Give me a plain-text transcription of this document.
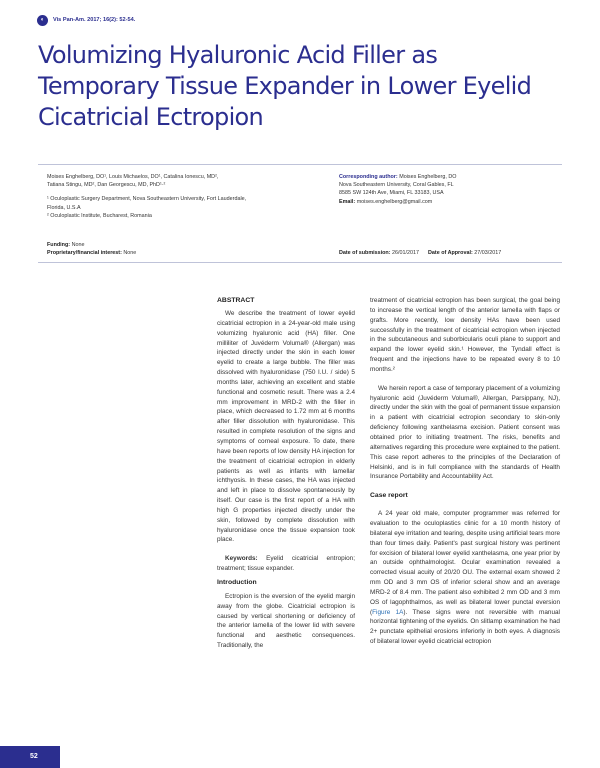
◐	Vis Pan-Am. 2017; 16(2): 52-54.
Volumizing Hyaluronic Acid Filler as Temporary Tissue Expander in Lower Eyelid Cicatricial Ectropion
Moises Enghelberg, DO¹, Louis Michaelos, DO¹, Catalina Ionescu, MD²,
Tatiana Stingu, MD², Dan Georgescu, MD, PhD¹·²
¹ Oculoplastic Surgery Department, Nova Southeastern University, Fort Lauderdale,
Florida, U.S.A
² Oculoplastic Institute, Bucharest, Romania
Corresponding author: Moises Enghelberg, DO
Nova Southeastern University, Coral Gables, FL
8585 SW 124th Ave, Miami, FL 33183, USA
Email: moises.enghelberg@gmail.com
Funding: None
Proprietary/financial interest: None	Date of submission: 26/01/2017 Date of Approval: 27/03/2017
ABSTRACT

We describe the treatment of lower eyelid cicatricial ectropion in a 24-year-old male using volumizing hyaluronic acid (HA) filler. One milliliter of Juvéderm Voluma® (Allergan) was injected directly under the skin in each lower eyelid to create a large bubble. The filler was dissolved with hyaluronidase (750 I.U. / side) 5 months later, achieving an excellent and stable functional and cosmetic result. There was a 2.4 mm improvement in MRD-2 with the filler in place, which decreased to 1.72 mm at 6 months after filler dissolution with hyaluronidase. This resulted in complete resolution of the signs and symptoms of corneal exposure. To date, there have been reports of low density HA injection for the treatment of cicatricial ectropion in elderly patients as well as infants with lamellar ichthyosis. In these cases, the HA was injected and left in place to dissolve spontaneously by itself. Our case is the first report of a HA with high G properties injected directly under the skin, followed by complete dissolution with hyaluronidase once the tissue expansion took place.

Keywords: Eyelid cicatricial entropion; treatment; tissue expander.

Introduction

Ectropion is the eversion of the eyelid margin away from the globe. Cicatricial ectropion is caused by vertical shortening or deficiency of the anterior lamella of the lower lid with severe functional and aesthetic consequences. Traditionally, the

treatment of cicatricial ectropion has been surgical, the goal being to increase the vertical length of the anterior lamella with flaps or grafts. More recently, low density HAs have been used successfully in the treatment of cicatricial ectropion when injected in the subcutaneous and suborbicularis oculi plane to support and expand the lower eyelid skin.¹ However, the Tyndall effect is frequent and the injections have to be repeated every 8 to 10 months.²

We herein report a case of temporary placement of a volumizing hyaluronic acid (Juvéderm Voluma®, Allergan, Parsippany, NJ), directly under the skin with the goal of permanent tissue expansion in a patient with cicatricial ectropion secondary to skin-only deficiency following xanthelasma excision. Patient consent was obtained prior to initiating treatment. The risks, benefits and alternatives regarding this procedure were explained to the patient. This case report adheres to the principles of the Declaration of Helsinki, and is in full compliance with the standards of Health Insurance Portability and Accountability Act.

Case report

A 24 year old male, computer programmer was referred for evaluation to the oculoplastics clinic for a 10 month history of bilateral eye irritation and tearing, despite using artificial tears more than four times daily. Patient's past surgical history was pertinent for excision of bilateral lower eyelid xanthelasma, one year prior by an outside ophthalmologist. Ocular examination revealed a corrected visual acuity of 20/20 OU. The external exam showed 2 mm OD and 3 mm OS of inferior scleral show and an average MRD-2 of 8.4 mm. The patient also exhibited 2 mm OD and 3 mm OS of lagophthalmos, as well as bilateral lower punctal eversion (Figure 1A). These signs were not reversible with manual horizontal tightening of the eyelids. On slitlamp examination he had 2+ punctate epithelial erosions inferiorly in both eyes. A diagnosis of bilateral lower eyelid cicatricial ectropion

52
